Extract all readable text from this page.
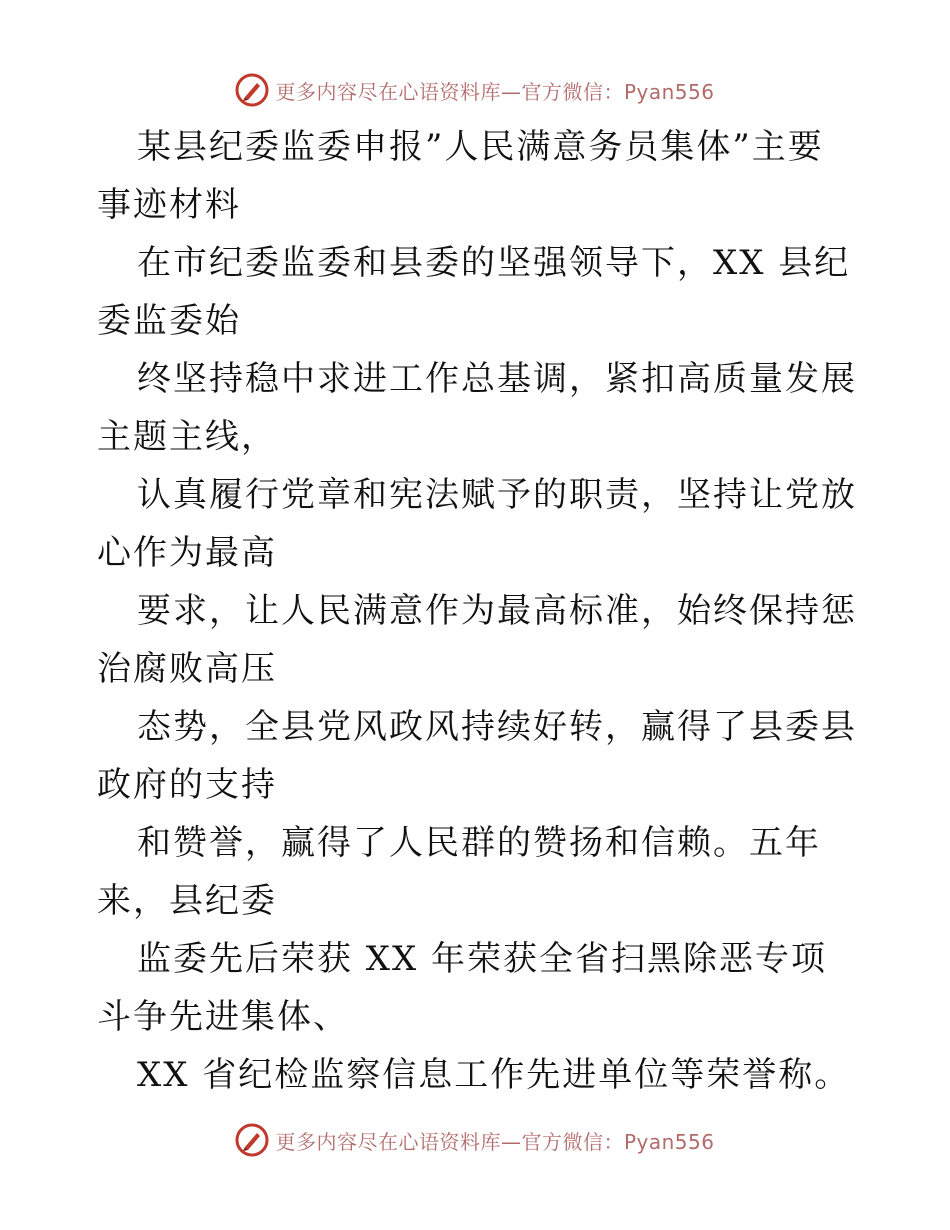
更多内容尽在心语资料库—官方微信：Pyan556

某县纪委监委申报”人民满意务员集体”主要事迹材料

在市纪委监委和县委的坚强领导下，XX 县纪委监委始

终坚持稳中求进工作总基调，紧扣高质量发展主题主线，

认真履行党章和宪法赋予的职责，坚持让党放心作为最高

要求，让人民满意作为最高标准，始终保持惩治腐败高压

态势，全县党风政风持续好转，赢得了县委县政府的支持

和赞誉，赢得了人民群的赞扬和信赖。五年来，县纪委

监委先后荣获 XX 年荣获全省扫黑除恶专项斗争先进集体、

XX 省纪检监察信息工作先进单位等荣誉称。

更多内容尽在心语资料库—官方微信：Pyan556
